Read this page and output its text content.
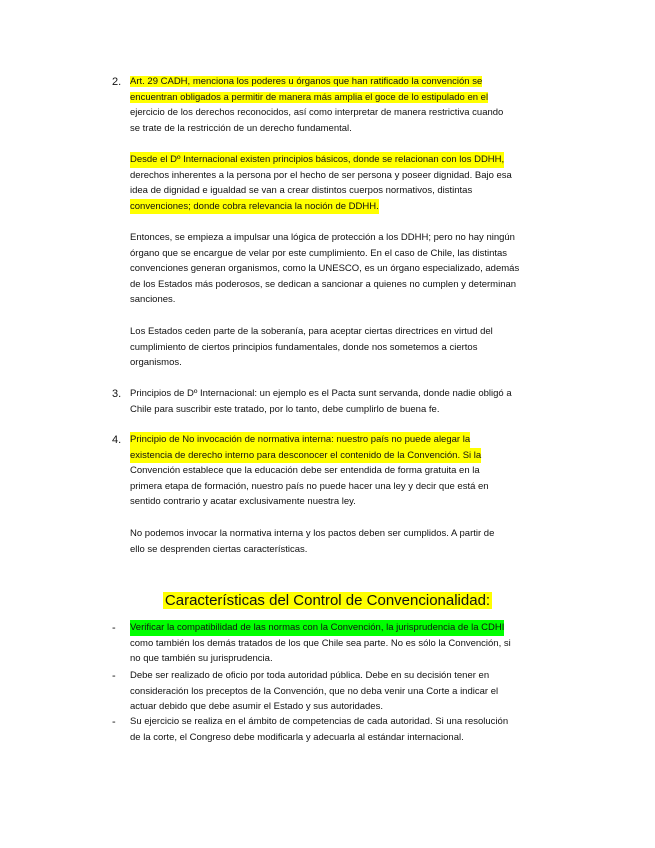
2. Art. 29 CADH, menciona los poderes u órganos que han ratificado la convención se
encuentran obligados a permitir de manera más amplia el goce de lo estipulado en el
ejercicio de los derechos reconocidos, así como interpretar de manera restrictiva cuando
se trate de la restricción de un derecho fundamental.
Desde el Dº Internacional existen principios básicos, donde se relacionan con los DDHH,
derechos inherentes a la persona por el hecho de ser persona y poseer dignidad. Bajo esa
idea de dignidad e igualdad se van a crear distintos cuerpos normativos, distintas
convenciones; donde cobra relevancia la noción de DDHH.
Entonces, se empieza a impulsar una lógica de protección a los DDHH; pero no hay ningún
órgano que se encargue de velar por este cumplimiento. En el caso de Chile, las distintas
convenciones generan organismos, como la UNESCO, es un órgano especializado, además
de los Estados más poderosos, se dedican a sancionar a quienes no cumplen y determinan
sanciones.
Los Estados ceden parte de la soberanía, para aceptar ciertas directrices en virtud del
cumplimiento de ciertos principios fundamentales, donde nos sometemos a ciertos
organismos.
3. Principios de Dº Internacional: un ejemplo es el Pacta sunt servanda, donde nadie obligó a
Chile para suscribir este tratado, por lo tanto, debe cumplirlo de buena fe.
4. Principio de No invocación de normativa interna: nuestro país no puede alegar la existencia de derecho interno para desconocer el contenido de la Convención. Si la
Convención establece que la educación debe ser entendida de forma gratuita en la
primera etapa de formación, nuestro país no puede hacer una ley y decir que está en
sentido contrario y acatar exclusivamente nuestra ley.
No podemos invocar la normativa interna y los pactos deben ser cumplidos. A partir de
ello se desprenden ciertas características.
Características del Control de Convencionalidad:
- Verificar la compatibilidad de las normas con la Convención, la jurisprudencia de la CDHI
como también los demás tratados de los que Chile sea parte. No es sólo la Convención, si
no que también su jurisprudencia.
- Debe ser realizado de oficio por toda autoridad pública. Debe en su decisión tener en
consideración los preceptos de la Convención, que no deba venir una Corte a indicar el
actuar debido que debe asumir el Estado y sus autoridades.
- Su ejercicio se realiza en el ámbito de competencias de cada autoridad. Si una resolución
de la corte, el Congreso debe modificarla y adecuarla al estándar internacional.
